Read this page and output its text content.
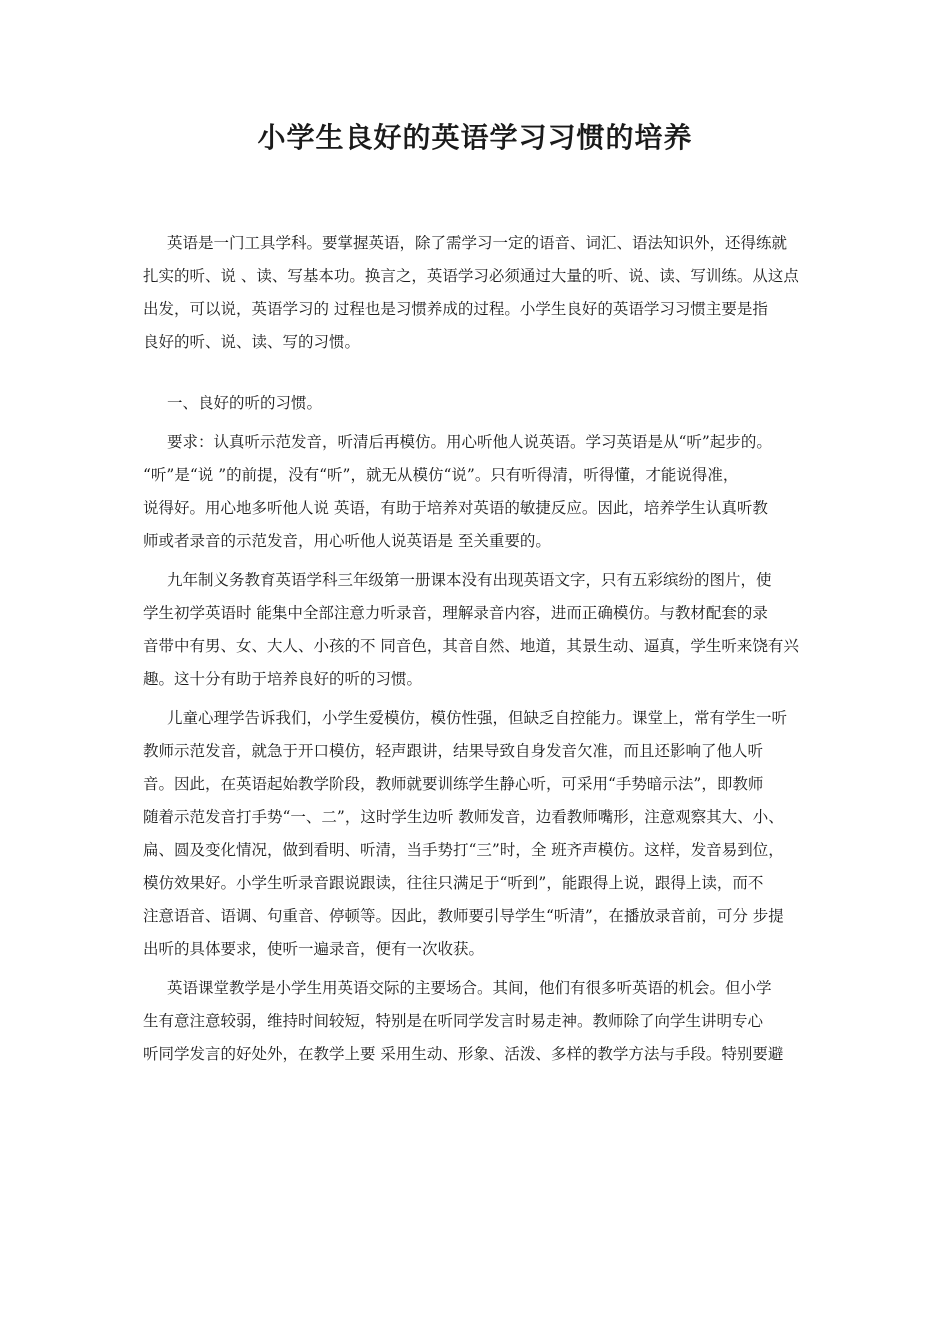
小学生良好的英语学习习惯的培养

英语是一门工具学科。要掌握英语，除了需学习一定的语音、词汇、语法知识外，还得练就
扎实的听、说 、读、写基本功。换言之，英语学习必须通过大量的听、说、读、写训练。从这点
出发，可以说，英语学习的 过程也是习惯养成的过程。小学生良好的英语学习习惯主要是指
良好的听、说、读、写的习惯。

一、良好的听的习惯。

要求：认真听示范发音，听清后再模仿。用心听他人说英语。学习英语是从“听”起步的。
“听”是“说 ”的前提，没有“听”，就无从模仿“说”。只有听得清，听得懂，才能说得准，
说得好。用心地多听他人说 英语，有助于培养对英语的敏捷反应。因此，培养学生认真听教
师或者录音的示范发音，用心听他人说英语是 至关重要的。

九年制义务教育英语学科三年级第一册课本没有出现英语文字，只有五彩缤纷的图片，使
学生初学英语时 能集中全部注意力听录音，理解录音内容，进而正确模仿。与教材配套的录
音带中有男、女、大人、小孩的不 同音色，其音自然、地道，其景生动、逼真，学生听来饶有兴
趣。这十分有助于培养良好的听的习惯。

儿童心理学告诉我们，小学生爱模仿，模仿性强，但缺乏自控能力。课堂上，常有学生一听
教师示范发音，就急于开口模仿，轻声跟讲，结果导致自身发音欠准，而且还影响了他人听
音。因此，在英语起始教学阶段，教师就要训练学生静心听，可采用“手势暗示法”，即教师
随着示范发音打手势“一、二”，这时学生边听 教师发音，边看教师嘴形，注意观察其大、小、
扁、圆及变化情况，做到看明、听清，当手势打“三”时，全 班齐声模仿。这样，发音易到位，
模仿效果好。小学生听录音跟说跟读，往往只满足于“听到”，能跟得上说，跟得上读，而不
注意语音、语调、句重音、停顿等。因此，教师要引导学生“听清”，在播放录音前，可分 步提
出听的具体要求，使听一遍录音，便有一次收获。

英语课堂教学是小学生用英语交际的主要场合。其间，他们有很多听英语的机会。但小学
生有意注意较弱，维持时间较短，特别是在听同学发言时易走神。教师除了向学生讲明专心
听同学发言的好处外，在教学上要 采用生动、形象、活泼、多样的教学方法与手段。特别要避
